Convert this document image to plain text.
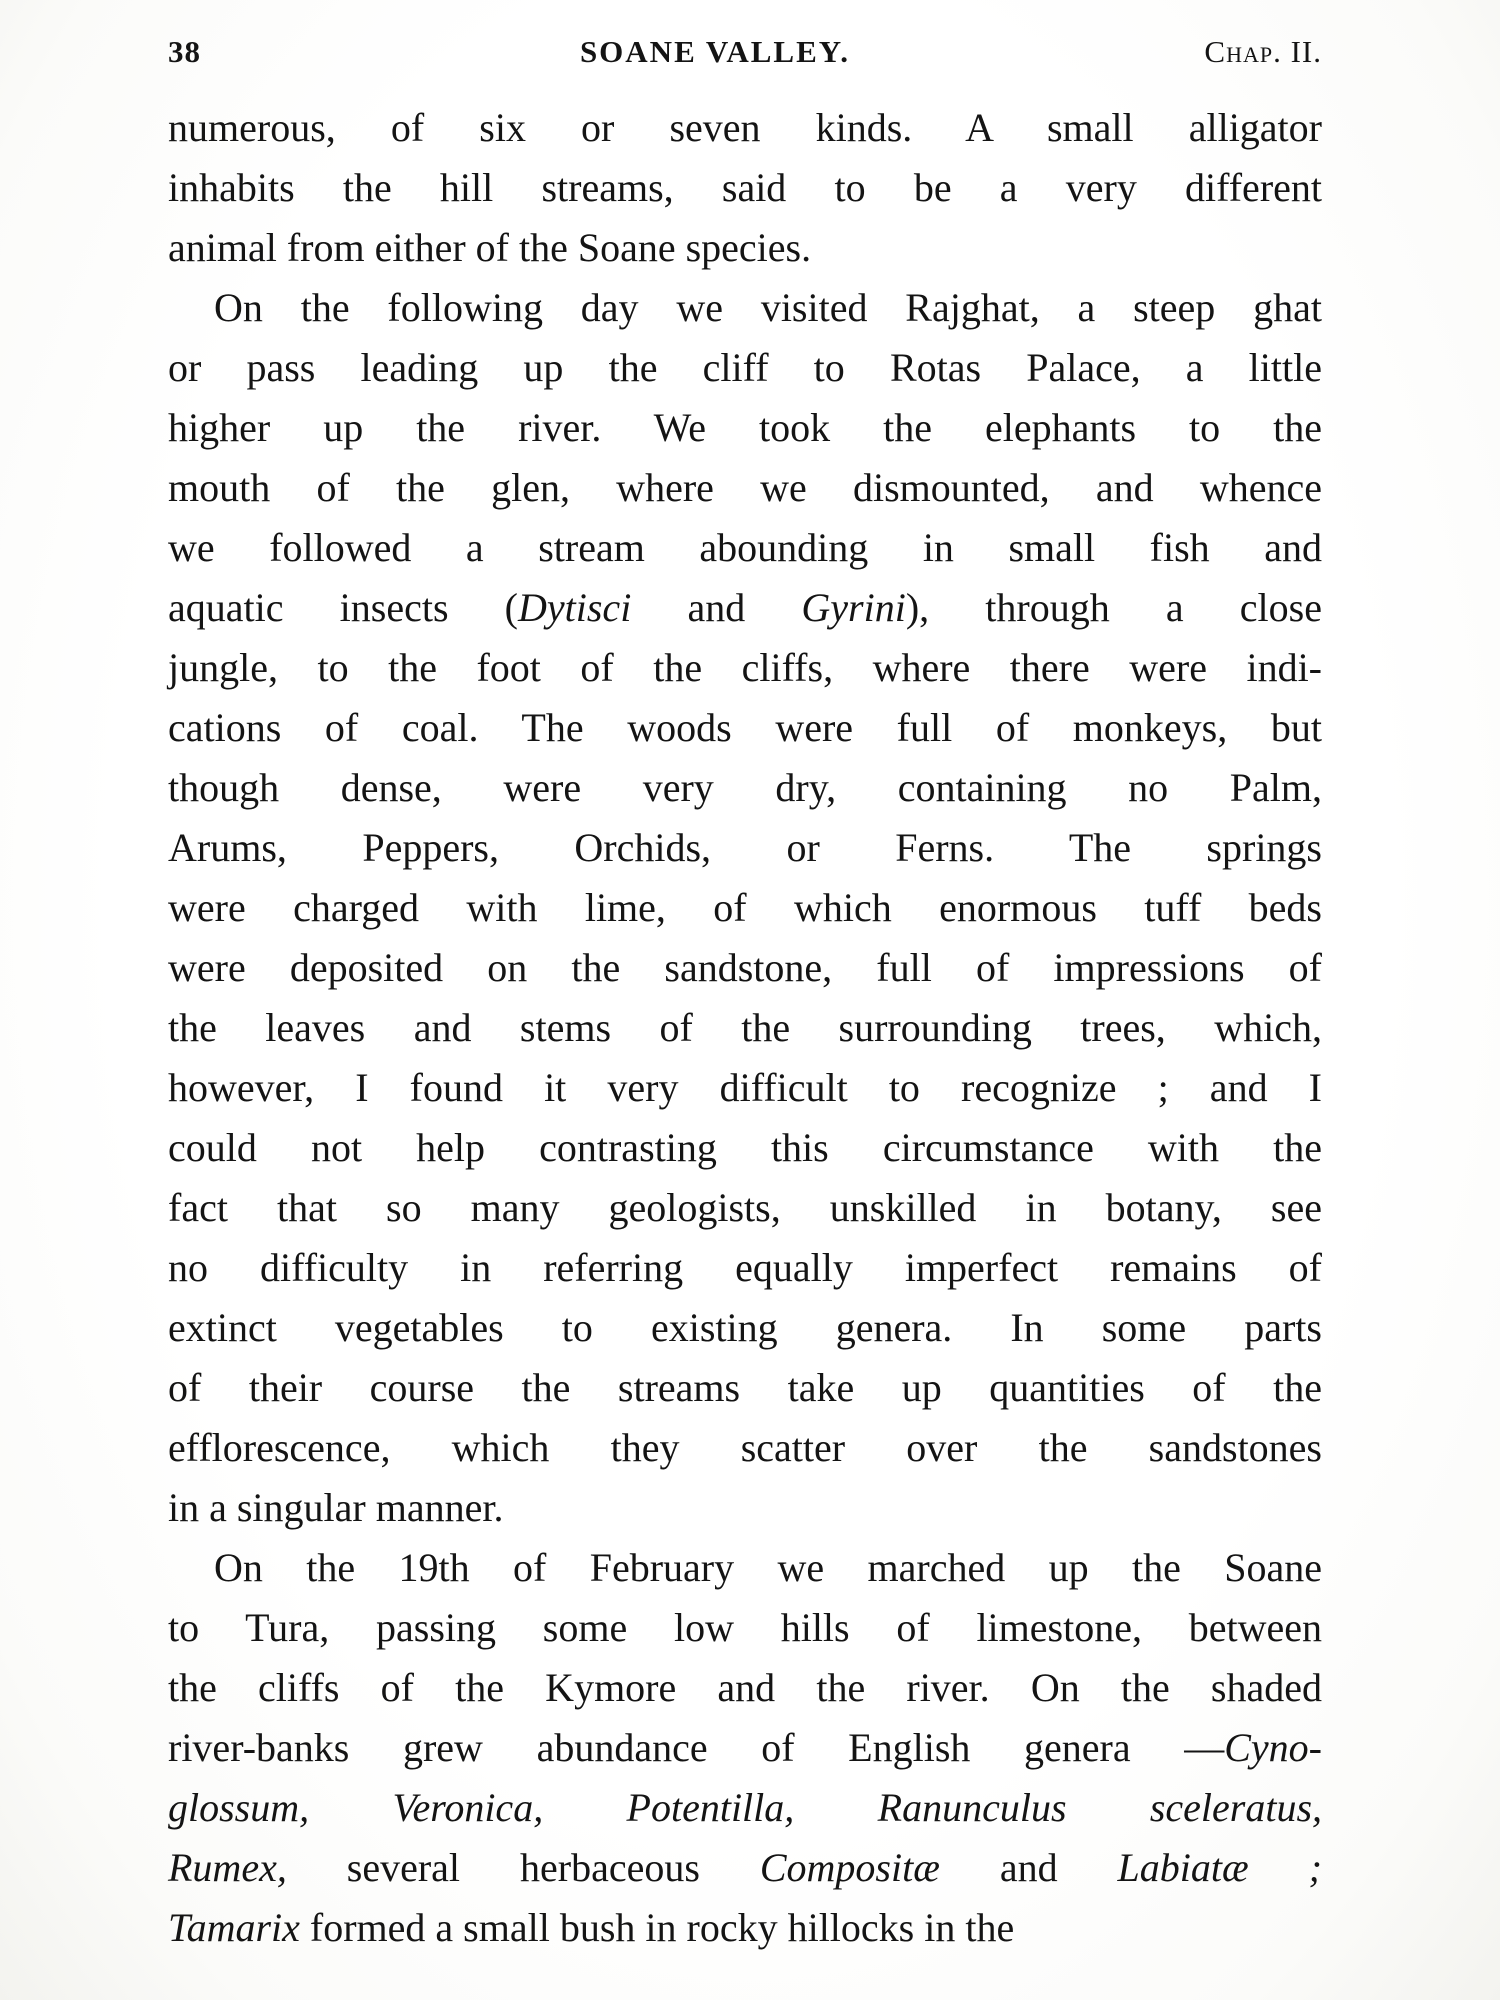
38	SOANE VALLEY.	Chap. II.
numerous, of six or seven kinds. A small alligator
inhabits the hill streams, said to be a very different
animal from either of the Soane species.
On the following day we visited Rajghat, a steep ghat
or pass leading up the cliff to Rotas Palace, a little
higher up the river. We took the elephants to the
mouth of the glen, where we dismounted, and whence
we followed a stream abounding in small fish and
aquatic insects (Dytisci and Gyrini), through a close
jungle, to the foot of the cliffs, where there were indi-
cations of coal. The woods were full of monkeys, but
though dense, were very dry, containing no Palm,
Arums, Peppers, Orchids, or Ferns. The springs
were charged with lime, of which enormous tuff beds
were deposited on the sandstone, full of impressions of
the leaves and stems of the surrounding trees, which,
however, I found it very difficult to recognize ; and I
could not help contrasting this circumstance with the
fact that so many geologists, unskilled in botany, see
no difficulty in referring equally imperfect remains of
extinct vegetables to existing genera. In some parts
of their course the streams take up quantities of the
efflorescence, which they scatter over the sandstones
in a singular manner.
On the 19th of February we marched up the Soane
to Tura, passing some low hills of limestone, between
the cliffs of the Kymore and the river. On the shaded
river-banks grew abundance of English genera —Cyno-
glossum, Veronica, Potentilla, Ranunculus sceleratus,
Rumex, several herbaceous Compositæ and Labiatæ ;
Tamarix formed a small bush in rocky hillocks in the
